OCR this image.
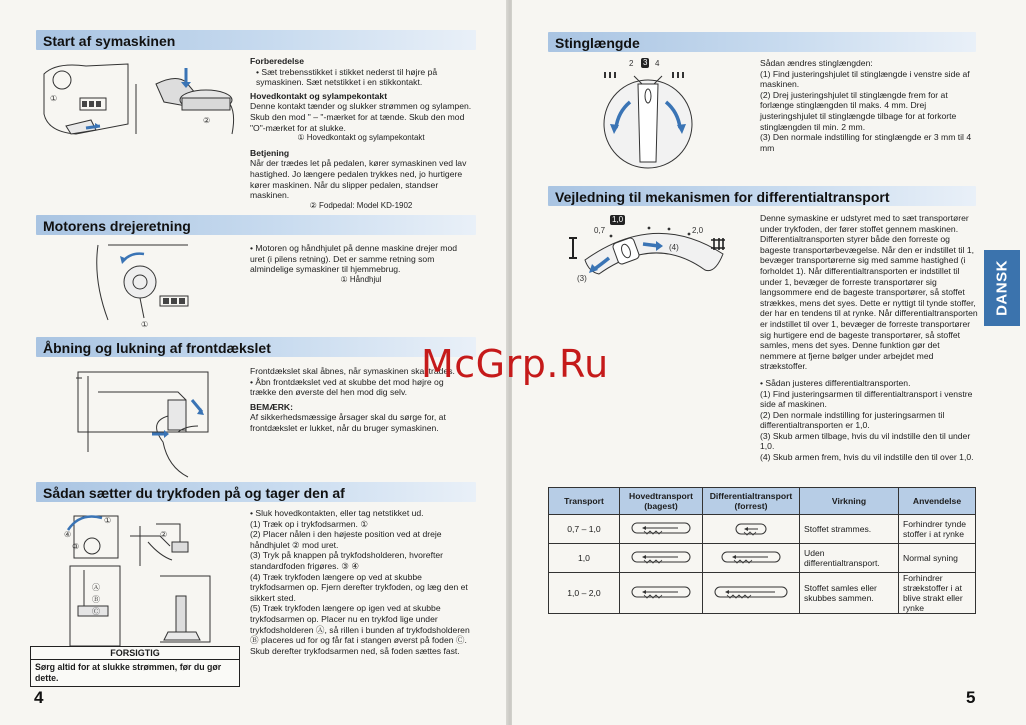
Start af symaskinen
①
②

Forberedelse

• Sæt trebensstikket i stikket nederst til højre på symaskinen. Sæt netstikket i en stikkontakt.

Hovedkontakt og sylampekontakt

Denne kontakt tænder og slukker strømmen og sylampen. Skub den mod " – "-mærket for at tænde. Skub den mod "O"-mærket for at slukke.

① Hovedkontakt og sylampekontakt

Betjening

Når der trædes let på pedalen, kører symaskinen ved lav hastighed. Jo længere pedalen trykkes ned, jo hurtigere kører maskinen. Når du slipper pedalen, standser maskinen.

② Fodpedal: Model KD-1902

Motorens drejeretning
①

• Motoren og håndhjulet på denne maskine drejer mod uret (i pilens retning). Det er samme retning som almindelige symaskiner til hjemmebrug.

① Håndhjul

Åbning og lukning af frontdækslet

Frontdækslet skal åbnes, når symaskinen skal trådes.

• Åbn frontdækslet ved at skubbe det mod højre og trække den øverste del hen mod dig selv.

BEMÆRK:

Af sikkerhedsmæssige årsager skal du sørge for, at frontdækslet er lukket, når du bruger symaskinen.

Sådan sætter du trykfoden på og tager den af
④
③
①
②
Ⓐ
Ⓑ
Ⓒ

• Sluk hovedkontakten, eller tag netstikket ud.

(1) Træk op i trykfodsarmen. ①

(2) Placer nålen i den højeste position ved at dreje håndhjulet ② mod uret.

(3) Tryk på knappen på trykfodsholderen, hvorefter standardfoden frigøres. ③ ④

(4) Træk trykfoden længere op ved at skubbe trykfodsarmen op. Fjern derefter trykfoden, og læg den et sikkert sted.

(5) Træk trykfoden længere op igen ved at skubbe trykfodsarmen op. Placer nu en trykfod lige under trykfodsholderen Ⓐ, så rillen i bunden af trykfodsholderen Ⓑ placeres ud for og får fat i stangen øverst på foden Ⓒ. Skub derefter trykfodsarmen ned, så foden sættes fast.

FORSIGTIG
Sørg altid for at slukke strømmen, før du gør dette.
4
Stinglængde
2 3 4	Sådan ændres stinglængden:

(1) Find justeringshjulet til stinglængde i venstre side af maskinen.

(2) Drej justeringshjulet til stinglængde frem for at forlænge stinglængden til maks. 4 mm. Drej justeringshjulet til stinglængde tilbage for at forkorte stinglængden til min. 2 mm.

(3) Den normale indstilling for stinglængde er 3 mm til 4 mm

Vejledning til mekanismen for differentialtransport
0,7
1,0
2,0
(3)
(4)

Denne symaskine er udstyret med to sæt transportører under trykfoden, der fører stoffet gennem maskinen. Differentialtransporten styrer både den forreste og bageste transportørbevægelse. Når den er indstillet til 1, bevæger transportørerne sig med samme hastighed (i forholdet 1). Når differentialtransporten er indstillet til under 1, bevæger de forreste transportører sig langsommere end de bageste transportører, så stoffet strækkes, mens det syes. Dette er nyttigt til tynde stoffer, der har en tendens til at rynke. Når differentialtransporten er indstillet til over 1, bevæger de forreste transportører sig hurtigere end de bageste transportører, så stoffet samles, mens det syes. Denne funktion gør det nemmere at fjerne bølger under arbejdet med strækstoffer.

• Sådan justeres differentialtransporten.

(1) Find justeringsarmen til differentialtransport i venstre side af maskinen.

(2) Den normale indstilling for justeringsarmen til differentialtransporten er 1,0.

(3) Skub armen tilbage, hvis du vil indstille den til under 1,0.

(4) Skub armen frem, hvis du vil indstille den til over 1,0.

DANSK
Transport	Hovedtransport (bagest)	Differentialtransport (forrest)	Virkning	Anvendelse
0,7 – 1,0			Stoffet strammes.	Forhindrer tynde stoffer i at rynke
1,0			Uden differentialtransport.	Normal syning
1,0 – 2,0			Stoffet samles eller skubbes sammen.	Forhindrer strækstoffer i at blive strakt eller rynke
5
McGrp.Ru
